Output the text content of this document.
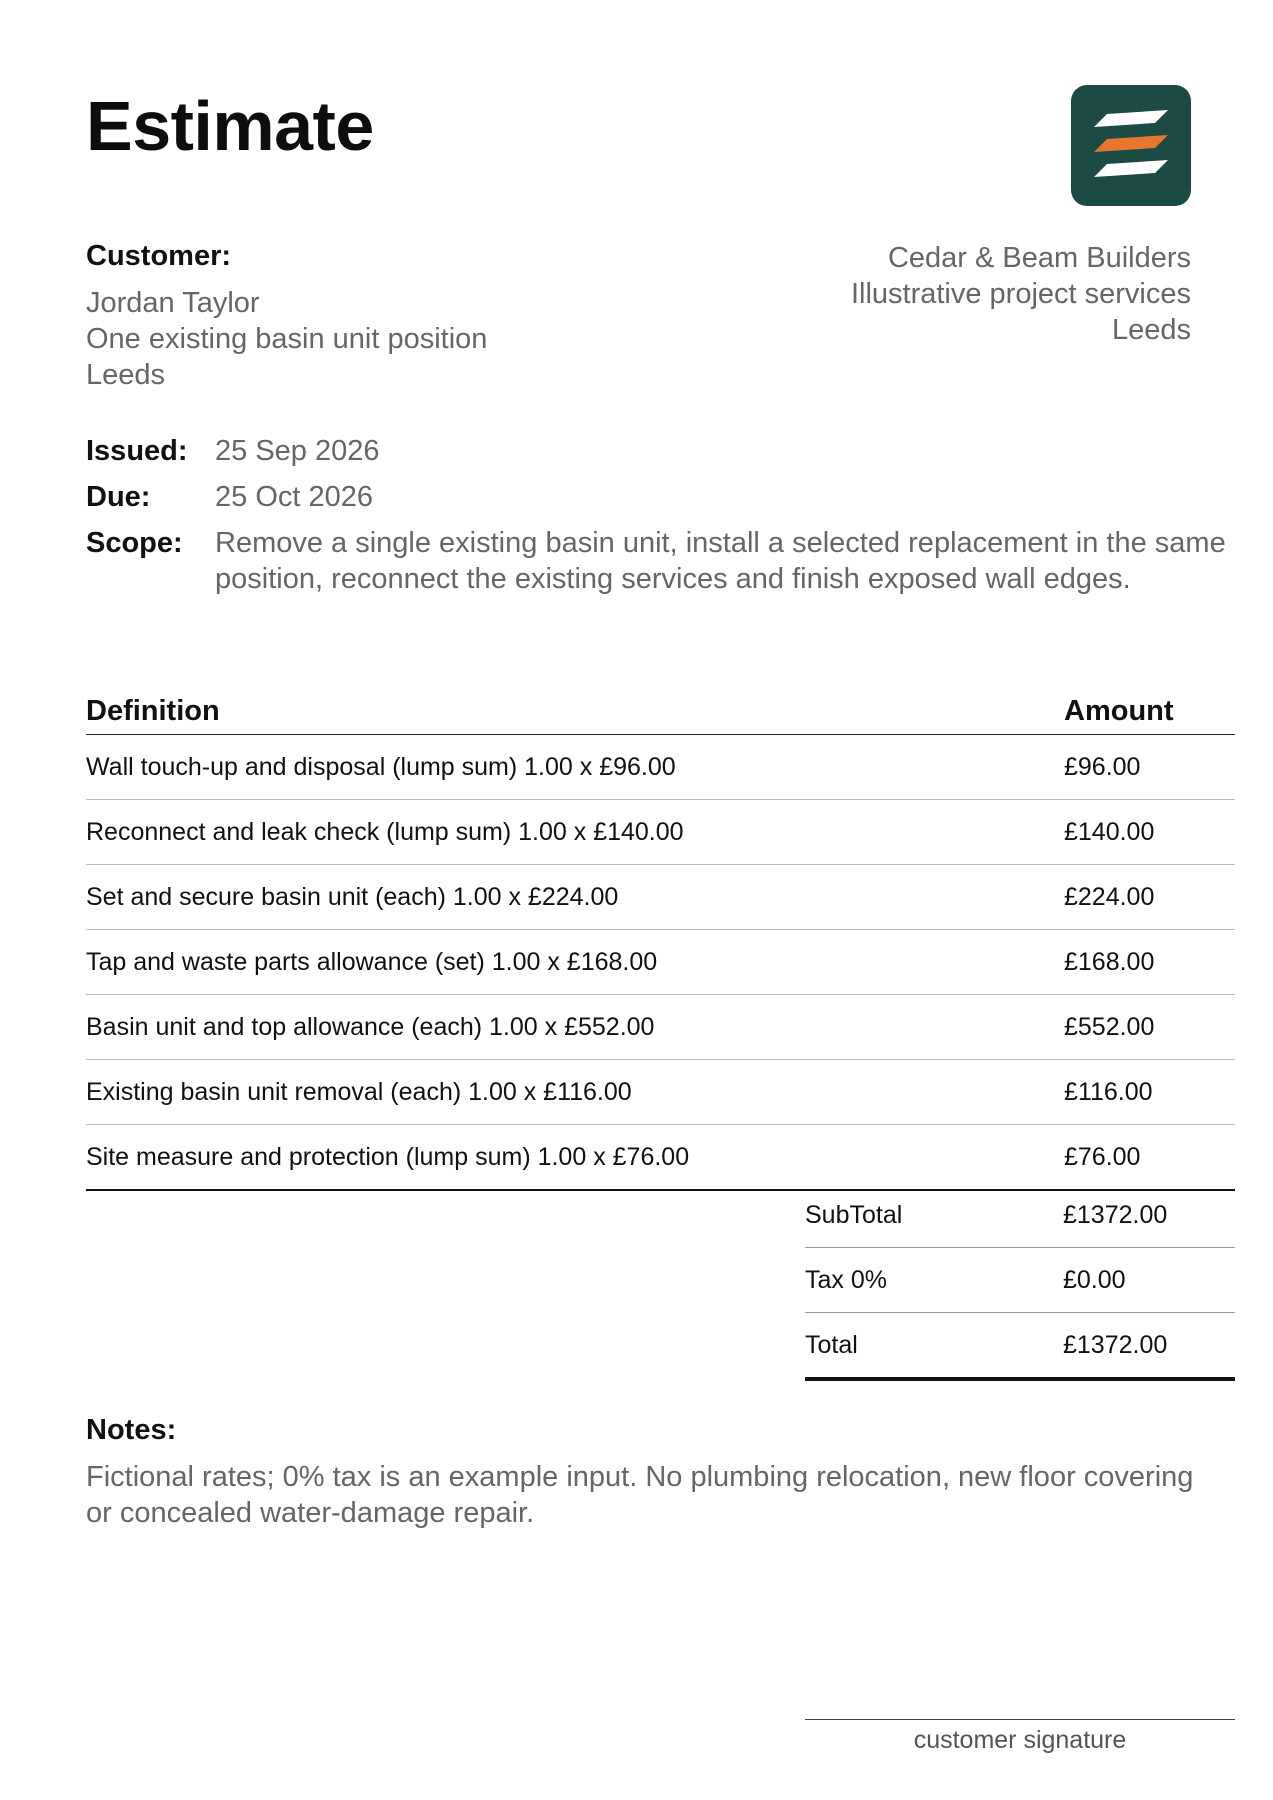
Estimate
Customer:
Jordan Taylor
One existing basin unit position
Leeds
Cedar & Beam Builders
Illustrative project services
Leeds
Issued: 25 Sep 2026
Due:	25 Oct 2026
Scope:	Remove a single existing basin unit, install a selected replacement in the same position, reconnect the existing services and finish exposed wall edges.
Definition	Amount
Wall touch-up and disposal (lump sum) 1.00 x £96.00	£96.00
Reconnect and leak check (lump sum) 1.00 x £140.00	£140.00
Set and secure basin unit (each) 1.00 x £224.00	£224.00
Tap and waste parts allowance (set) 1.00 x £168.00	£168.00
Basin unit and top allowance (each) 1.00 x £552.00	£552.00
Existing basin unit removal (each) 1.00 x £116.00	£116.00
Site measure and protection (lump sum) 1.00 x £76.00	£76.00
SubTotal	£1372.00
Tax 0%	£0.00
Total	£1372.00
Notes:
Fictional rates; 0% tax is an example input. No plumbing relocation, new floor covering or concealed water-damage repair.
customer signature
